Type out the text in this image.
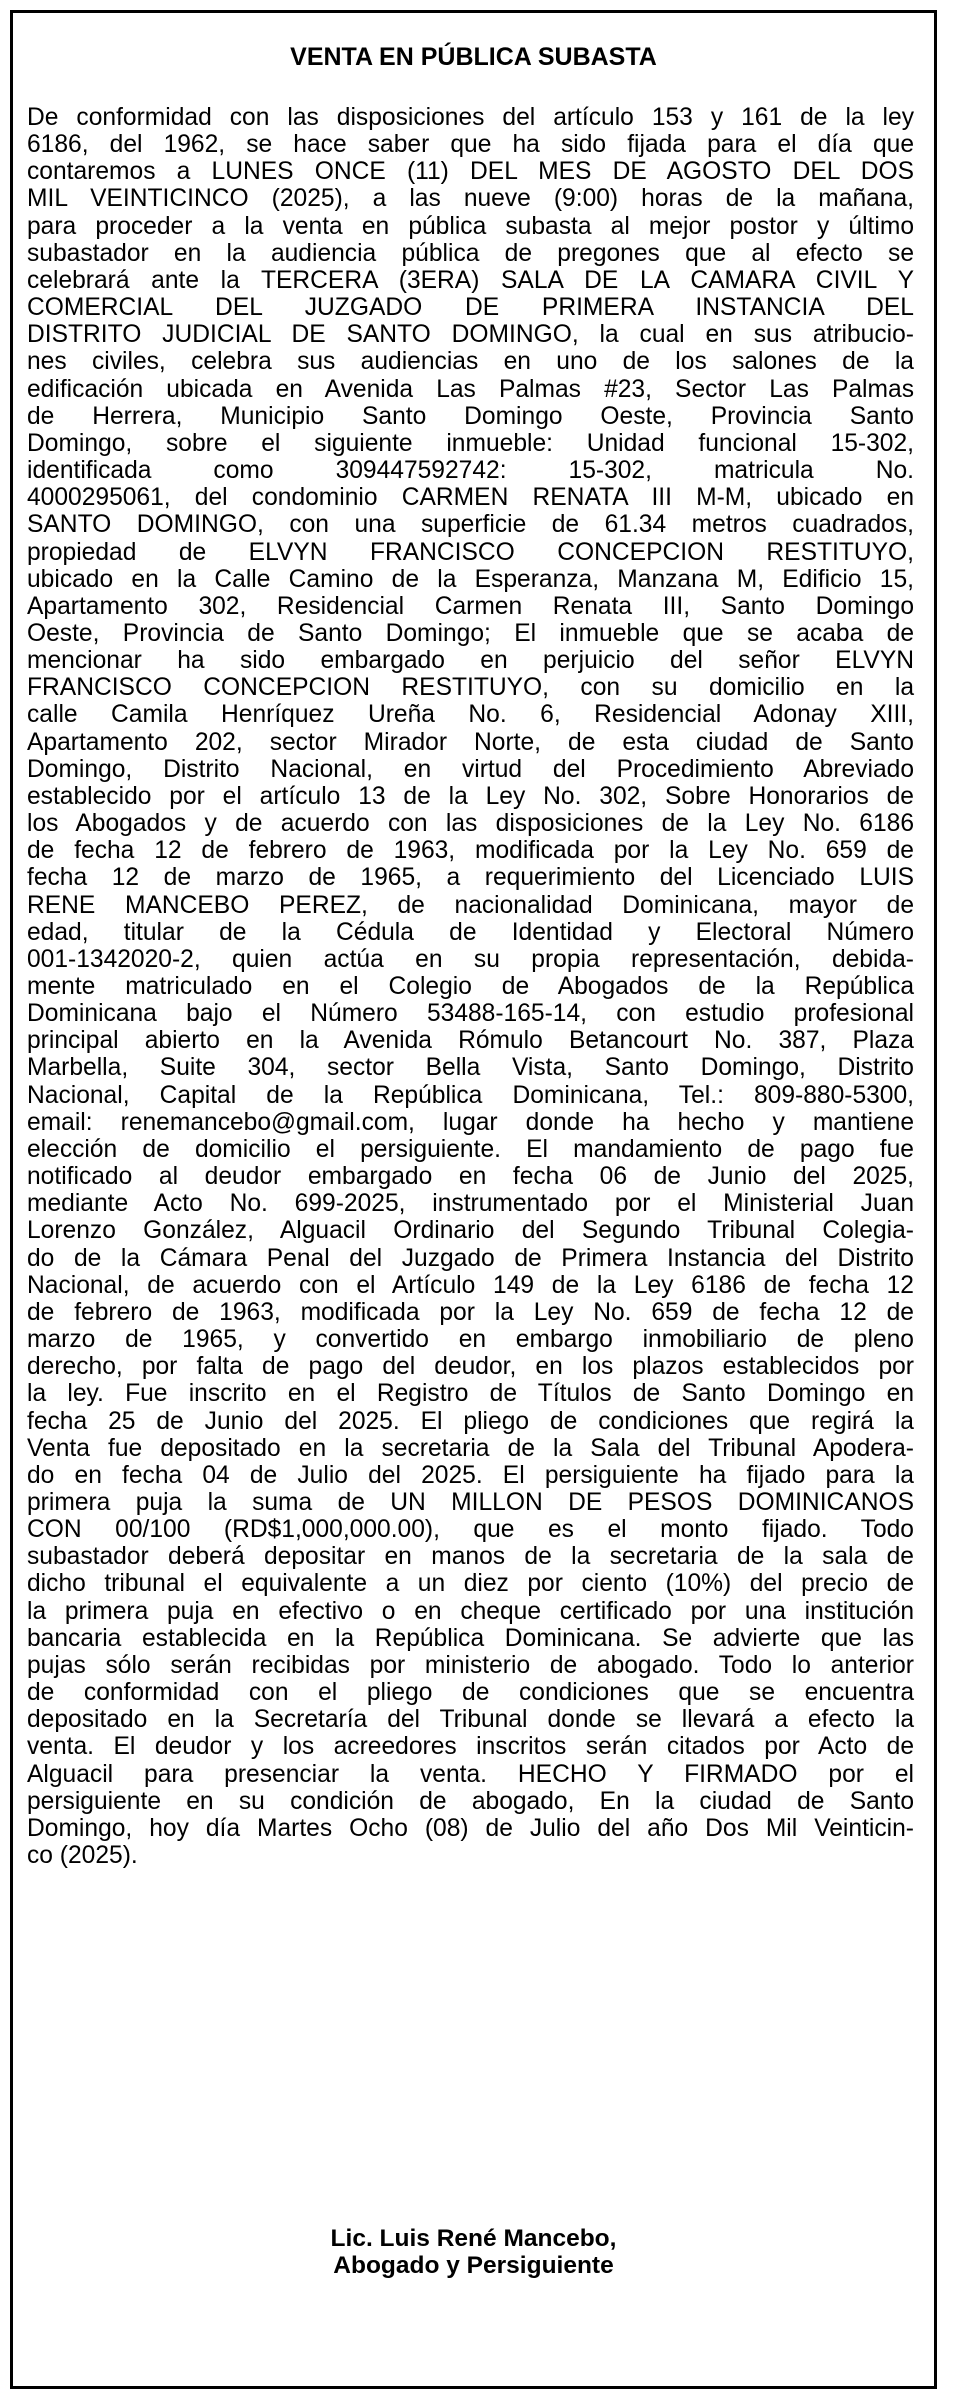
VENTA EN PÚBLICA SUBASTA
De conformidad con las disposiciones del artículo 153 y 161 de la ley
6186, del 1962, se hace saber que ha sido fijada para el día que
contaremos a LUNES ONCE (11) DEL MES DE AGOSTO DEL DOS
MIL VEINTICINCO (2025), a las nueve (9:00) horas de la mañana,
para proceder a la venta en pública subasta al mejor postor y último
subastador en la audiencia pública de pregones que al efecto se
celebrará ante la TERCERA (3ERA) SALA DE LA CAMARA CIVIL Y
COMERCIAL DEL JUZGADO DE PRIMERA INSTANCIA DEL
DISTRITO JUDICIAL DE SANTO DOMINGO, la cual en sus atribucio-
nes civiles, celebra sus audiencias en uno de los salones de la
edificación ubicada en Avenida Las Palmas #23, Sector Las Palmas
de Herrera, Municipio Santo Domingo Oeste, Provincia Santo
Domingo, sobre el siguiente inmueble: Unidad funcional 15-302,
identificada como 309447592742: 15-302, matricula No.
4000295061, del condominio CARMEN RENATA III M-M, ubicado en
SANTO DOMINGO, con una superficie de 61.34 metros cuadrados,
propiedad de ELVYN FRANCISCO CONCEPCION RESTITUYO,
ubicado en la Calle Camino de la Esperanza, Manzana M, Edificio 15,
Apartamento 302, Residencial Carmen Renata III, Santo Domingo
Oeste, Provincia de Santo Domingo; El inmueble que se acaba de
mencionar ha sido embargado en perjuicio del señor ELVYN
FRANCISCO CONCEPCION RESTITUYO, con su domicilio en la
calle Camila Henríquez Ureña No. 6, Residencial Adonay XIII,
Apartamento 202, sector Mirador Norte, de esta ciudad de Santo
Domingo, Distrito Nacional, en virtud del Procedimiento Abreviado
establecido por el artículo 13 de la Ley No. 302, Sobre Honorarios de
los Abogados y de acuerdo con las disposiciones de la Ley No. 6186
de fecha 12 de febrero de 1963, modificada por la Ley No. 659 de
fecha 12 de marzo de 1965, a requerimiento del Licenciado LUIS
RENE MANCEBO PEREZ, de nacionalidad Dominicana, mayor de
edad, titular de la Cédula de Identidad y Electoral Número
001-1342020-2, quien actúa en su propia representación, debida-
mente matriculado en el Colegio de Abogados de la República
Dominicana bajo el Número 53488-165-14, con estudio profesional
principal abierto en la Avenida Rómulo Betancourt No. 387, Plaza
Marbella, Suite 304, sector Bella Vista, Santo Domingo, Distrito
Nacional, Capital de la República Dominicana, Tel.: 809-880-5300,
email: renemancebo@gmail.com, lugar donde ha hecho y mantiene
elección de domicilio el persiguiente. El mandamiento de pago fue
notificado al deudor embargado en fecha 06 de Junio del 2025,
mediante Acto No. 699-2025, instrumentado por el Ministerial Juan
Lorenzo González, Alguacil Ordinario del Segundo Tribunal Colegia-
do de la Cámara Penal del Juzgado de Primera Instancia del Distrito
Nacional, de acuerdo con el Artículo 149 de la Ley 6186 de fecha 12
de febrero de 1963, modificada por la Ley No. 659 de fecha 12 de
marzo de 1965, y convertido en embargo inmobiliario de pleno
derecho, por falta de pago del deudor, en los plazos establecidos por
la ley. Fue inscrito en el Registro de Títulos de Santo Domingo en
fecha 25 de Junio del 2025. El pliego de condiciones que regirá la
Venta fue depositado en la secretaria de la Sala del Tribunal Apodera-
do en fecha 04 de Julio del 2025. El persiguiente ha fijado para la
primera puja la suma de UN MILLON DE PESOS DOMINICANOS
CON 00/100 (RD$1,000,000.00), que es el monto fijado. Todo
subastador deberá depositar en manos de la secretaria de la sala de
dicho tribunal el equivalente a un diez por ciento (10%) del precio de
la primera puja en efectivo o en cheque certificado por una institución
bancaria establecida en la República Dominicana. Se advierte que las
pujas sólo serán recibidas por ministerio de abogado. Todo lo anterior
de conformidad con el pliego de condiciones que se encuentra
depositado en la Secretaría del Tribunal donde se llevará a efecto la
venta. El deudor y los acreedores inscritos serán citados por Acto de
Alguacil para presenciar la venta. HECHO Y FIRMADO por el
persiguiente en su condición de abogado, En la ciudad de Santo
Domingo, hoy día Martes Ocho (08) de Julio del año Dos Mil Veinticin-
co (2025).
Lic. Luis René Mancebo,
Abogado y Persiguiente
